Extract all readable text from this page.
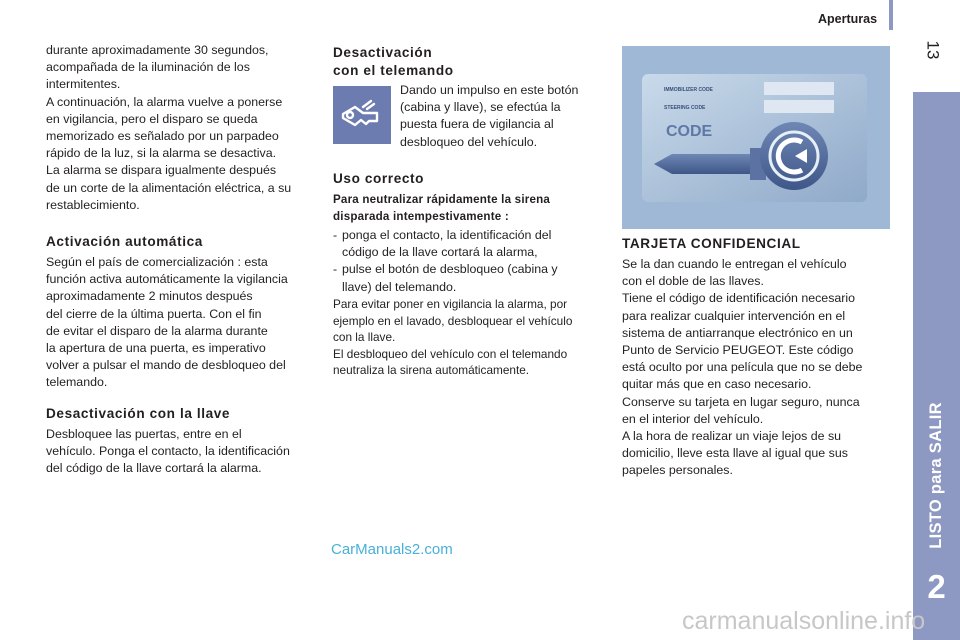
Aperturas
13
LISTO para SALIR
2

durante aproximadamente 30 segundos,
acompañada de la iluminación de los
intermitentes.
A continuación, la alarma vuelve a ponerse
en vigilancia, pero el disparo se queda
memorizado es señalado por un parpadeo
rápido de la luz, si la alarma se desactiva.
La alarma se dispara igualmente después
de un corte de la alimentación eléctrica, a su
restablecimiento.

Activación automática

Según el país de comercialización : esta
función activa automáticamente la vigilancia
aproximadamente 2 minutos después
del cierre de la última puerta. Con el fin
de evitar el disparo de la alarma durante
la apertura de una puerta, es imperativo
volver a pulsar el mando de desbloqueo del
telemando.

Desactivación con la llave

Desbloquee las puertas, entre en el
vehículo. Ponga el contacto, la identificación
del código de la llave cortará la alarma.

Desactivación
con el telemando

Dando un impulso en este botón
(cabina y llave), se efectúa la
puesta fuera de vigilancia al
desbloqueo del vehículo.

Uso correcto

Para neutralizar rápidamente la sirena
disparada intempestivamente :

- ponga el contacto, la identificación del
código de la llave cortará la alarma,
- pulse el botón de desbloqueo (cabina y
llave) del telemando.

Para evitar poner en vigilancia la alarma, por
ejemplo en el lavado, desbloquear el vehículo
con la llave.
El desbloqueo del vehículo con el telemando
neutraliza la sirena automáticamente.

IMMOBILIZER CODE
STEERING CODE
CODE
TARJETA CONFIDENCIAL

Se la dan cuando le entregan el vehículo
con el doble de las llaves.
Tiene el código de identificación necesario
para realizar cualquier intervención en el
sistema de antiarranque electrónico en un
Punto de Servicio PEUGEOT. Este código
está oculto por una película que no se debe
quitar más que en caso necesario.
Conserve su tarjeta en lugar seguro, nunca
en el interior del vehículo.
A la hora de realizar un viaje lejos de su
domicilio, lleve esta llave al igual que sus
papeles personales.

CarManuals2.com
carmanualsonline.info
